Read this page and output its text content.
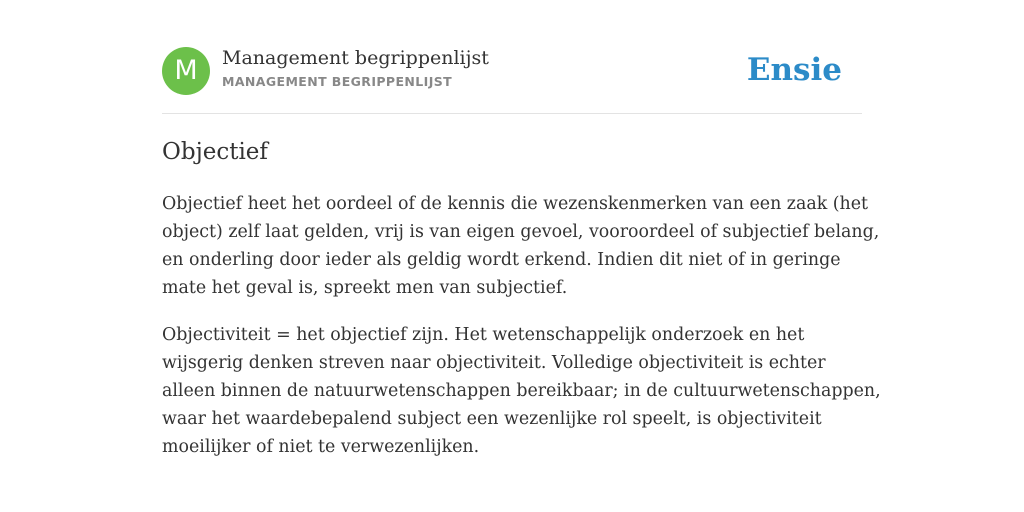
M	Management begrippenlijst
MANAGEMENT BEGRIPPENLIJST	Ensie
Objectief

Objectief heet het oordeel of de kennis die wezenskenmerken van een zaak (het
object) zelf laat gelden, vrij is van eigen gevoel, vooroordeel of subjectief belang,
en onderling door ieder als geldig wordt erkend. Indien dit niet of in geringe
mate het geval is, spreekt men van subjectief.

Objectiviteit = het objectief zijn. Het wetenschappelijk onderzoek en het
wijsgerig denken streven naar objectiviteit. Volledige objectiviteit is echter
alleen binnen de natuurwetenschappen bereikbaar; in de cultuurwetenschappen,
waar het waardebepalend subject een wezenlijke rol speelt, is objectiviteit
moeilijker of niet te verwezenlijken.
